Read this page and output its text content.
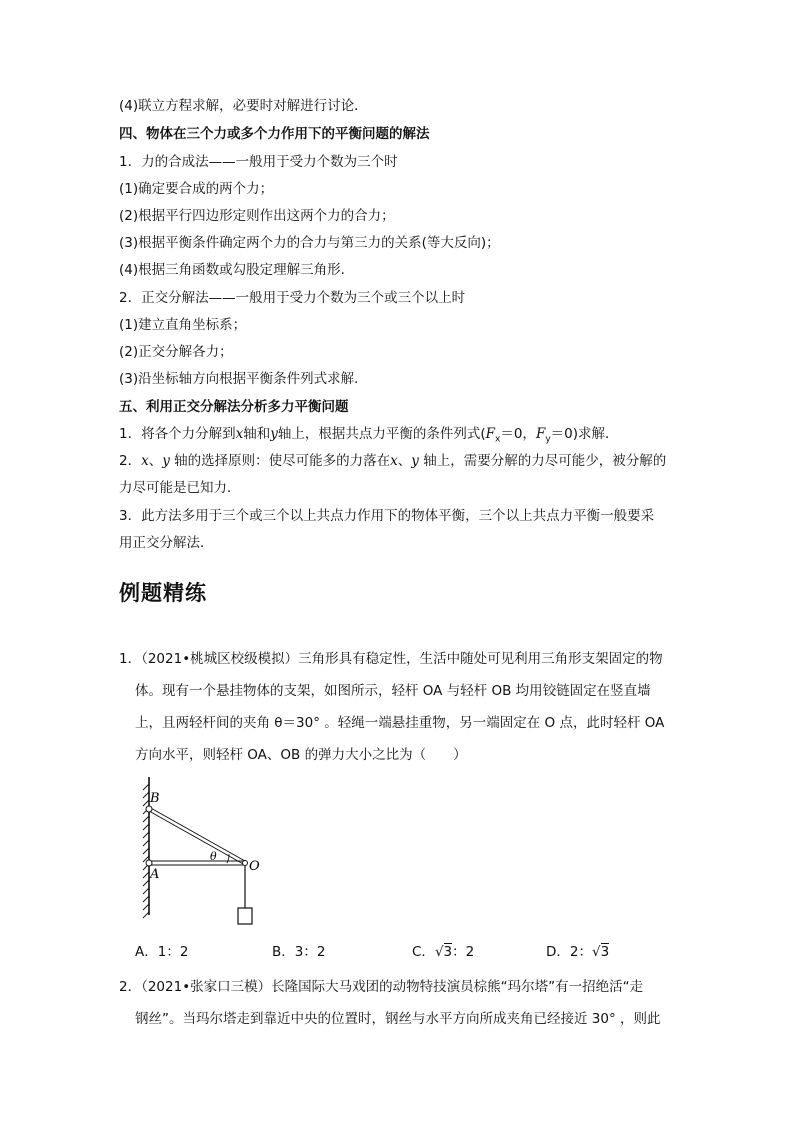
(4)联立方程求解，必要时对解进行讨论．
四、物体在三个力或多个力作用下的平衡问题的解法
1．力的合成法——一般用于受力个数为三个时
(1)确定要合成的两个力；
(2)根据平行四边形定则作出这两个力的合力；
(3)根据平衡条件确定两个力的合力与第三力的关系(等大反向)；
(4)根据三角函数或勾股定理解三角形．
2．正交分解法——一般用于受力个数为三个或三个以上时
(1)建立直角坐标系；
(2)正交分解各力；
(3)沿坐标轴方向根据平衡条件列式求解．
五、利用正交分解法分析多力平衡问题
1．将各个力分解到x轴和y轴上，根据共点力平衡的条件列式($F_x=0$，$F_y=0$)求解．
2．x、y 轴的选择原则：使尽可能多的力落在x、y 轴上，需要分解的力尽可能少，被分解的
力尽可能是已知力．
3．此方法多用于三个或三个以上共点力作用下的物体平衡，三个以上共点力平衡一般要采
用正交分解法．
例题精练
1．（2021•桃城区校级模拟）三角形具有稳定性，生活中随处可见利用三角形支架固定的物
体。现有一个悬挂物体的支架，如图所示，轻杆 OA 与轻杆 OB 均用铰链固定在竖直墙
上，且两轻杆间的夹角 θ＝30° 。轻绳一端悬挂重物，另一端固定在 O 点，此时轻杆 OA
方向水平，则轻杆 OA、OB 的弹力大小之比为（　　）
B
A
O
θ
A．1：2	B．3：2	C．√3：2	D．2：√3
2．（2021•张家口三模）长隆国际大马戏团的动物特技演员棕熊“玛尔塔”有一招绝活“走
钢丝”。当玛尔塔走到靠近中央的位置时，钢丝与水平方向所成夹角已经接近 30° ，则此
